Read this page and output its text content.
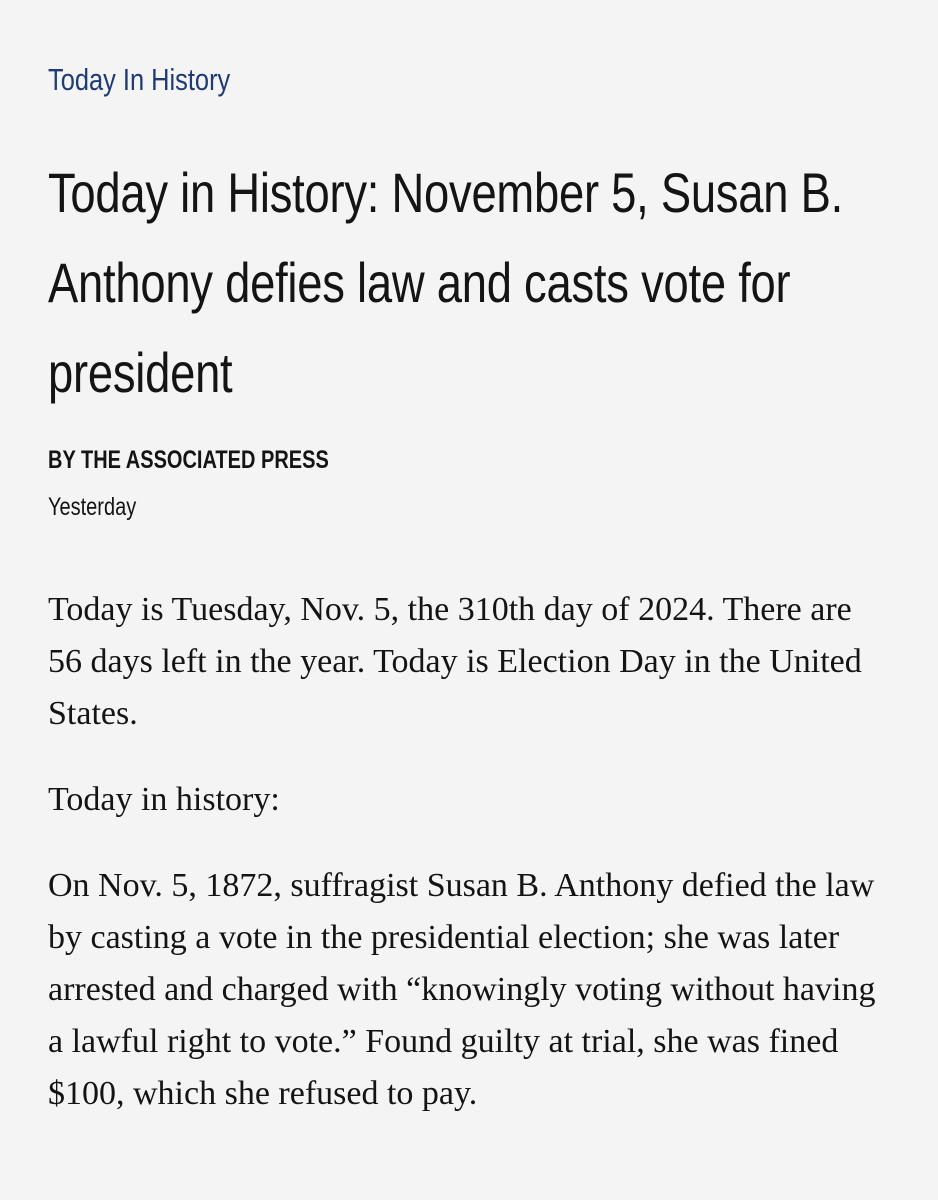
Today In History
Today in History: November 5, Susan B. Anthony defies law and casts vote for president
BY THE ASSOCIATED PRESS
Yesterday

Today is Tuesday, Nov. 5, the 310th day of 2024. There are 56 days left in the year. Today is Election Day in the United States.

Today in history:

On Nov. 5, 1872, suffragist Susan B. Anthony defied the law by casting a vote in the presidential election; she was later arrested and charged with “knowingly voting without having a lawful right to vote.” Found guilty at trial, she was fined $100, which she refused to pay.
